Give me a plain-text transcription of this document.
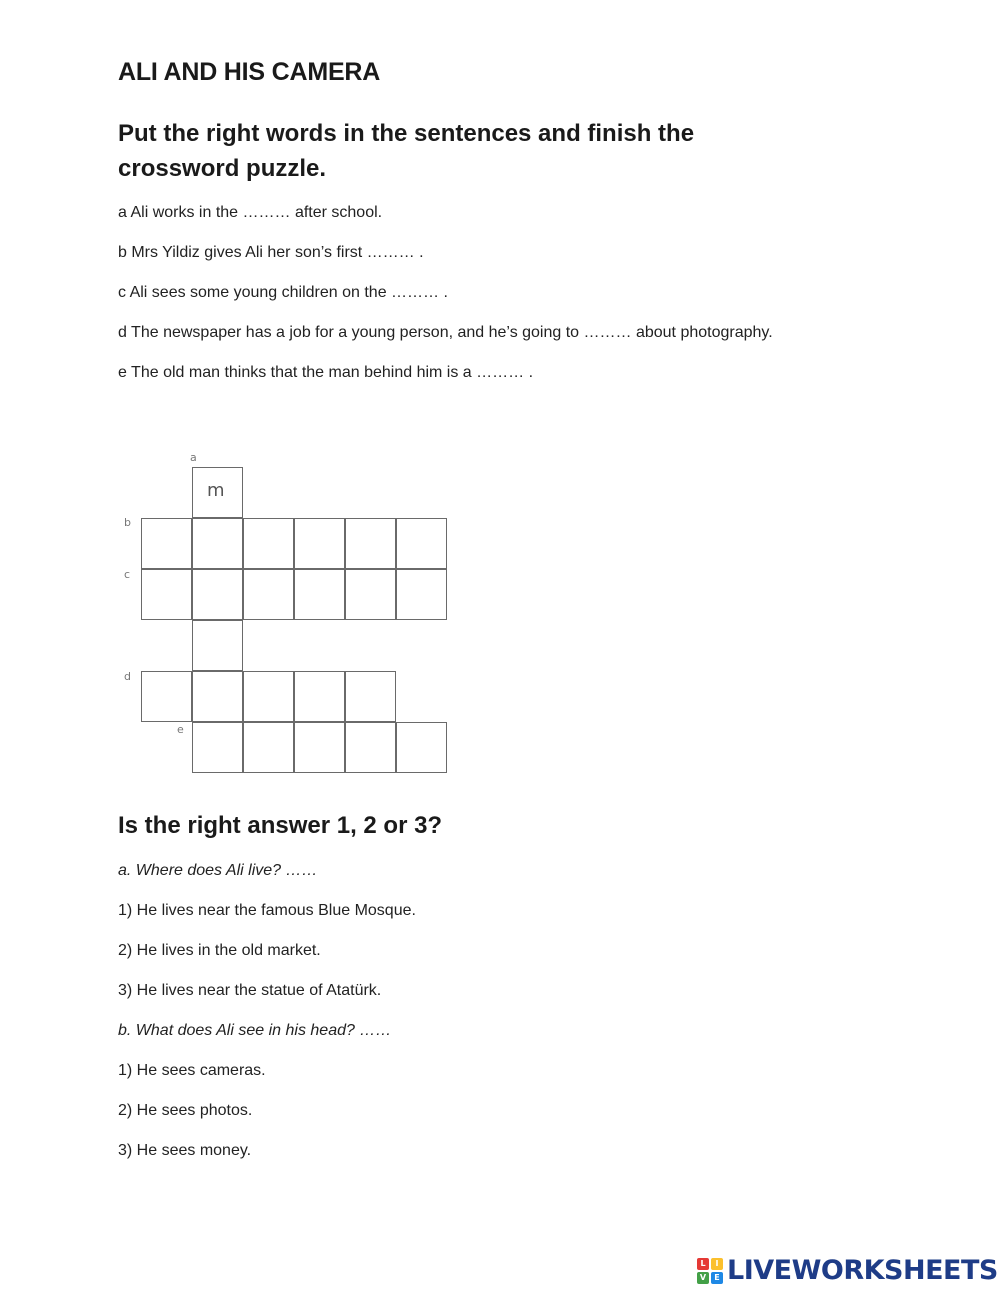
ALI AND HIS CAMERA
Put the right words in the sentences and finish the crossword puzzle.
a Ali works in the ……… after school.
b Mrs Yildiz gives Ali her son’s first ……… .
c Ali sees some young children on the ……… .
d The newspaper has a job for a young person, and he’s going to ……… about photography.
e The old man thinks that the man behind him is a ……… .
a
b
c
d
e
m
Is the right answer 1, 2 or 3?
a. Where does Ali live? ……
1) He lives near the famous Blue Mosque.
2) He lives in the old market.
3) He lives near the statue of Atatürk.
b. What does Ali see in his head? ……
1) He sees cameras.
2) He sees photos.
3) He sees money.
L	I
V	E LIVEWORKSHEETS
